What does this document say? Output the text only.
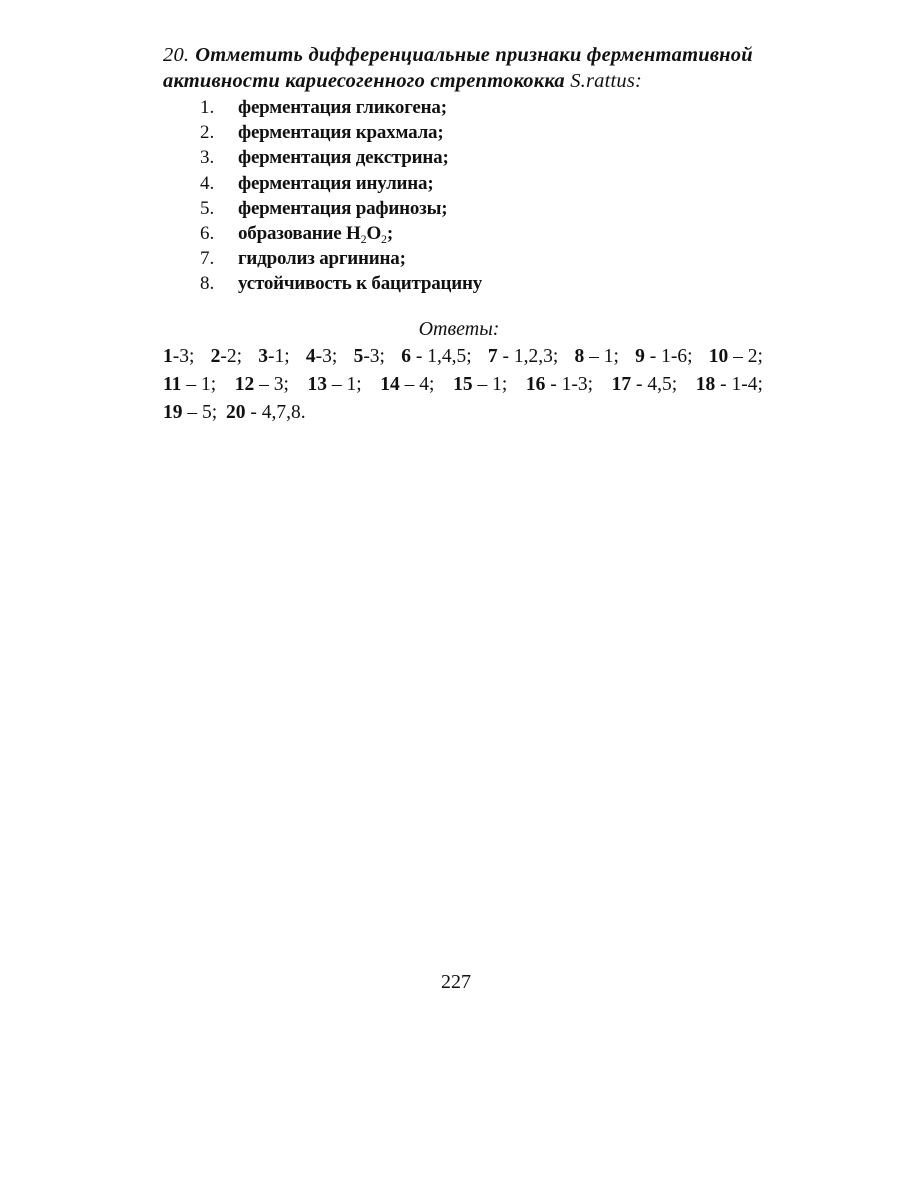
20. Отметить дифференциальные признаки ферментативной активности кариесогенного стрептококка S.rattus:
1.	ферментация гликогена;
2.	ферментация крахмала;
3.	ферментация декстрина;
4.	ферментация инулина;
5.	ферментация рафинозы;
6.	образование $H_2O_2$;
7.	гидролиз аргинина;
8.	устойчивость к бацитрацину
Ответы:
1-3; 2-2; 3-1; 4-3; 5-3; 6 - 1,4,5; 7 - 1,2,3; 8 – 1; 9 - 1-6; 10 – 2;
11 – 1; 12 – 3; 13 – 1; 14 – 4; 15 – 1; 16 - 1-3; 17 - 4,5; 18 - 1-4;
19 – 5; 20 - 4,7,8.
227
